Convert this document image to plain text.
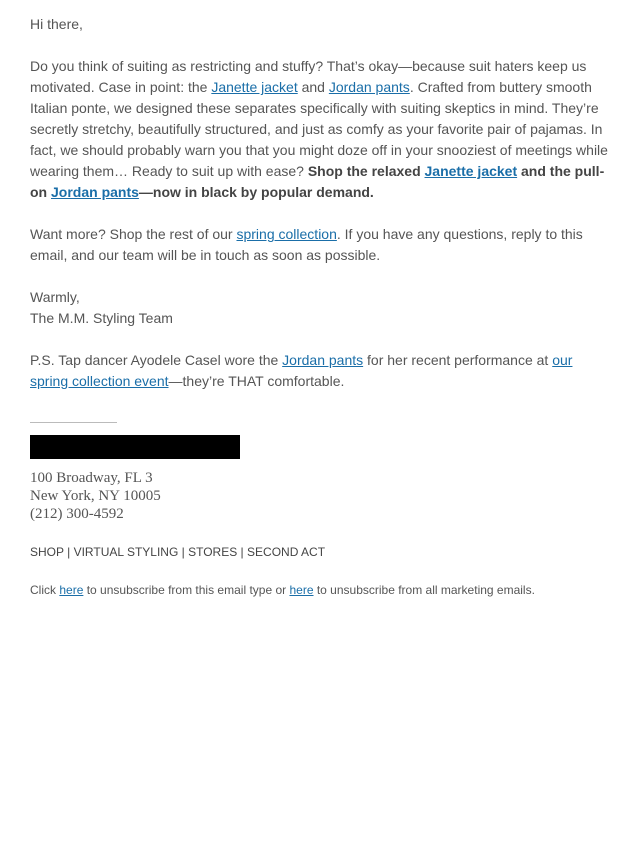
Hi there,

Do you think of suiting as restricting and stuffy? That’s okay—because suit haters keep us motivated. Case in point: the Janette jacket and Jordan pants. Crafted from buttery smooth Italian ponte, we designed these separates specifically with suiting skeptics in mind. They’re secretly stretchy, beautifully structured, and just as comfy as your favorite pair of pajamas. In fact, we should probably warn you that you might doze off in your snooziest of meetings while wearing them… Ready to suit up with ease? Shop the relaxed Janette jacket and the pull-on Jordan pants—now in black by popular demand.

Want more? Shop the rest of our spring collection. If you have any questions, reply to this email, and our team will be in touch as soon as possible.

Warmly,

The M.M. Styling Team

P.S. Tap dancer Ayodele Casel wore the Jordan pants for her recent performance at our spring collection event—they’re THAT comfortable.

100 Broadway, FL 3
New York, NY 10005
(212) 300-4592
SHOP | VIRTUAL STYLING | STORES | SECOND ACT
Click here to unsubscribe from this email type or here to unsubscribe from all marketing emails.
